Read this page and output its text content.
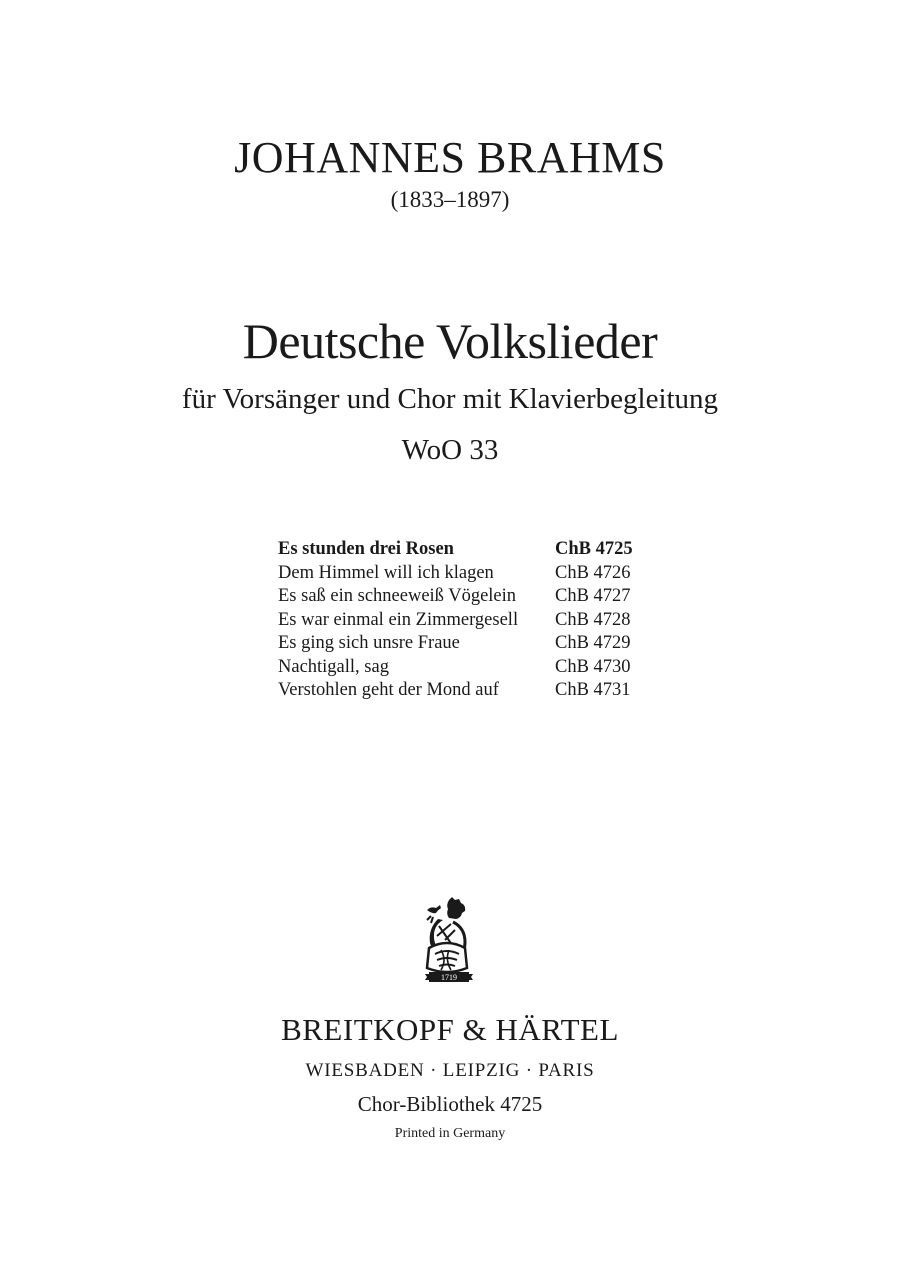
JOHANNES BRAHMS
(1833–1897)
Deutsche Volkslieder
für Vorsänger und Chor mit Klavierbegleitung
WoO 33
Es stunden drei Rosen	ChB 4725
Dem Himmel will ich klagen	ChB 4726
Es saß ein schneeweiß Vögelein ChB 4727
Es war einmal ein Zimmergesell ChB 4728
Es ging sich unsre Fraue	ChB 4729
Nachtigall, sag	ChB 4730
Verstohlen geht der Mond auf	ChB 4731
1719
BREITKOPF & HÄRTEL
WIESBADEN · LEIPZIG · PARIS
Chor-Bibliothek 4725
Printed in Germany
